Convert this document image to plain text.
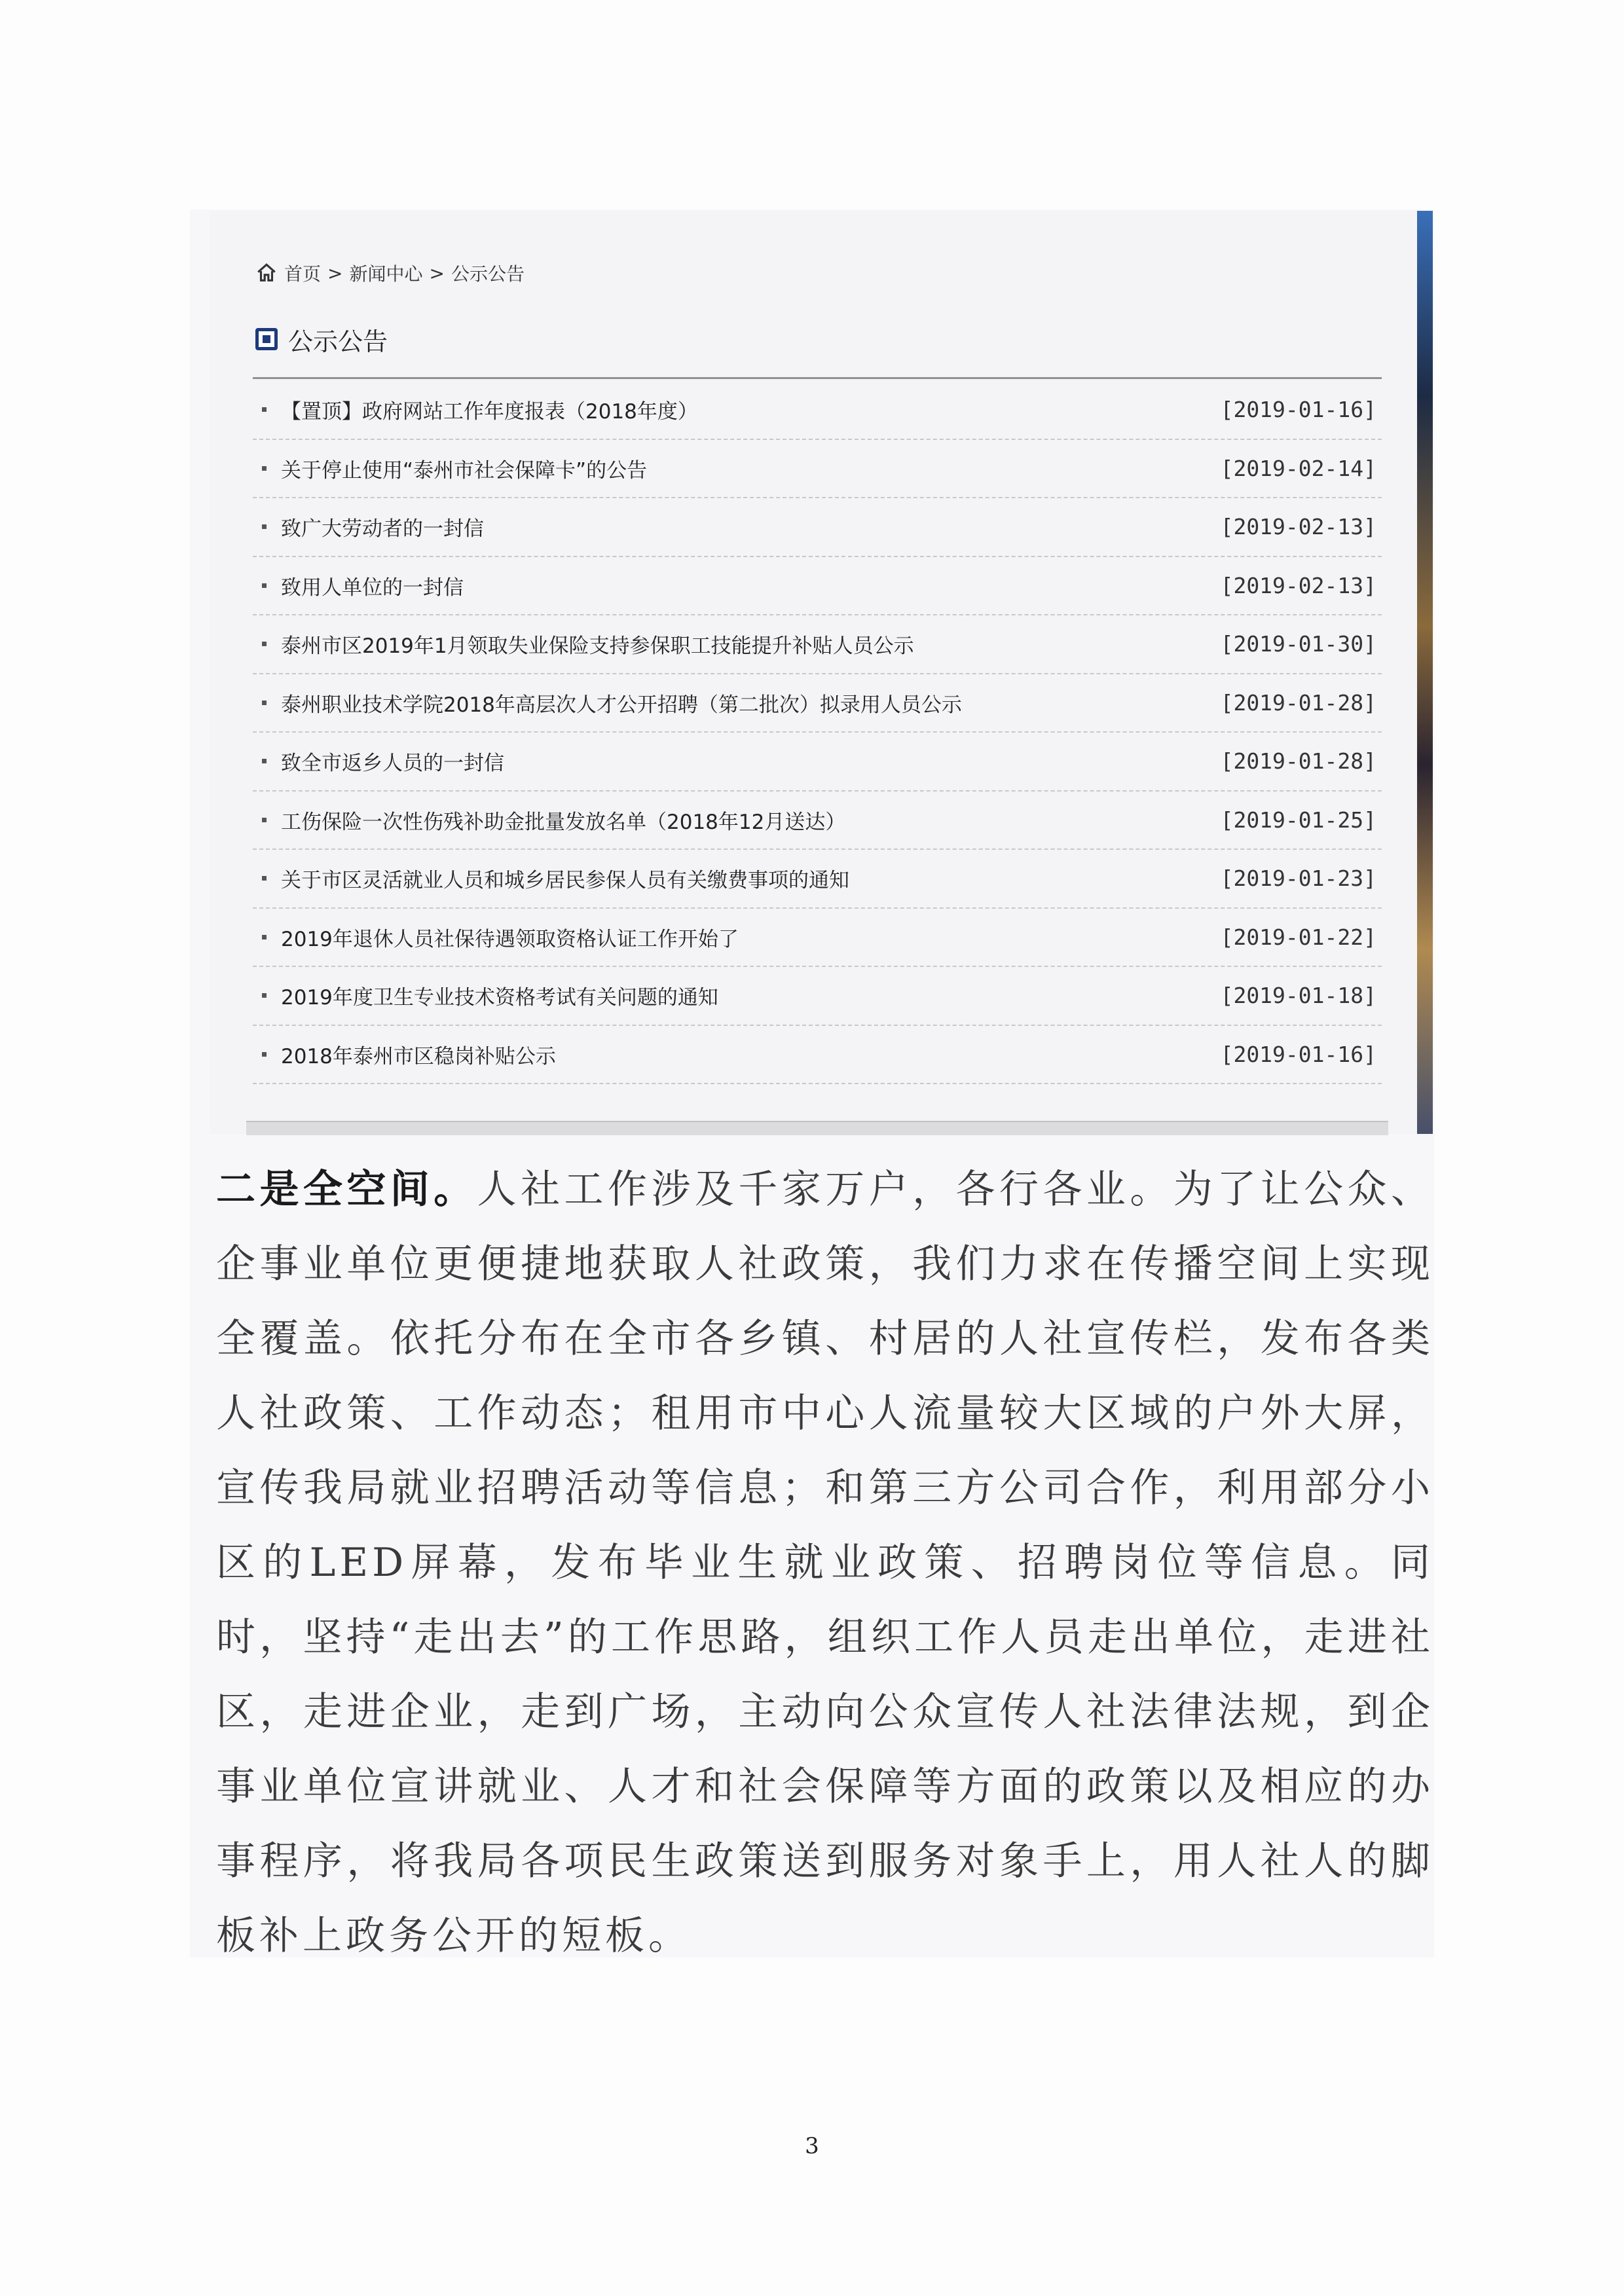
首页 > 新闻中心 > 公示公告
公示公告
【置顶】政府网站工作年度报表（2018年度）	[2019-01-16]
关于停止使用“泰州市社会保障卡”的公告	[2019-02-14]
致广大劳动者的一封信	[2019-02-13]
致用人单位的一封信	[2019-02-13]
泰州市区2019年1月领取失业保险支持参保职工技能提升补贴人员公示	[2019-01-30]
泰州职业技术学院2018年高层次人才公开招聘（第二批次）拟录用人员公示	[2019-01-28]
致全市返乡人员的一封信	[2019-01-28]
工伤保险一次性伤残补助金批量发放名单（2018年12月送达）	[2019-01-25]
关于市区灵活就业人员和城乡居民参保人员有关缴费事项的通知	[2019-01-23]
2019年退休人员社保待遇领取资格认证工作开始了	[2019-01-22]
2019年度卫生专业技术资格考试有关问题的通知	[2019-01-18]
2018年泰州市区稳岗补贴公示	[2019-01-16]

二是全空间。人社工作涉及千家万户，各行各业。为了让公众、企事业单位更便捷地获取人社政策，我们力求在传播空间上实现全覆盖。依托分布在全市各乡镇、村居的人社宣传栏，发布各类人社政策、工作动态；租用市中心人流量较大区域的户外大屏，宣传我局就业招聘活动等信息；和第三方公司合作，利用部分小区的LED屏幕，发布毕业生就业政策、招聘岗位等信息。同时，坚持“走出去”的工作思路，组织工作人员走出单位，走进社区，走进企业，走到广场，主动向公众宣传人社法律法规，到企事业单位宣讲就业、人才和社会保障等方面的政策以及相应的办事程序，将我局各项民生政策送到服务对象手上，用人社人的脚板补上政务公开的短板。

3
